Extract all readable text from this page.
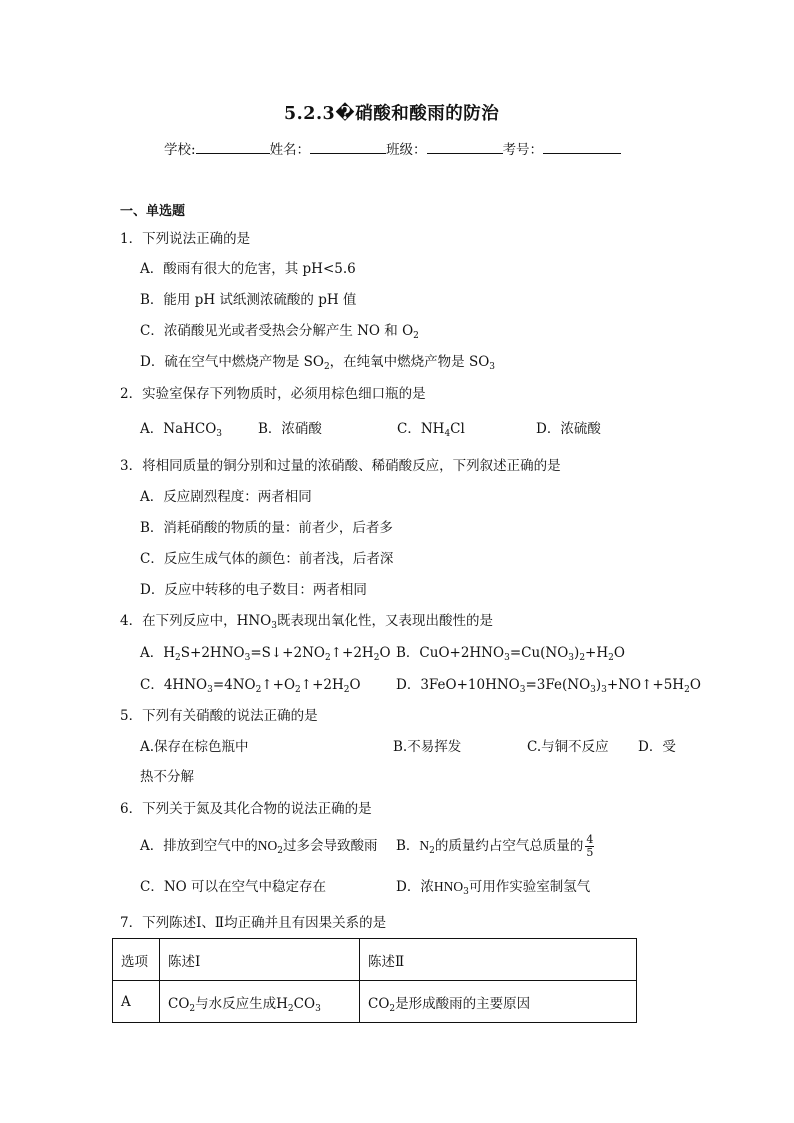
5.2.3�硝酸和酸雨的防治
学校:	姓名：	班级：	考号：
一、单选题
1．下列说法正确的是
A．酸雨有很大的危害，其 pH<5.6
B．能用 pH 试纸测浓硫酸的 pH 值
C．浓硝酸见光或者受热会分解产生 NO 和 $O_2$
D．硫在空气中燃烧产物是 $SO_2$，在纯氧中燃烧产物是 $SO_3$
2．实验室保存下列物质时，必须用棕色细口瓶的是
A．NaHCO$_3$	B．浓硝酸	C．$NH_4Cl$	D．浓硫酸
3．将相同质量的铜分别和过量的浓硝酸、稀硝酸反应，下列叙述正确的是
A．反应剧烈程度：两者相同
B．消耗硝酸的物质的量：前者少，后者多
C．反应生成气体的颜色：前者浅，后者深
D．反应中转移的电子数目：两者相同
4．在下列反应中，$HNO_3$既表现出氧化性，又表现出酸性的是
A．$H_2S+2HNO_3=S↓+2NO_2↑+2H_2O$ B．$CuO+2HNO_3=Cu(NO_3)_2+H_2O$
C．$4HNO_3=4NO_2↑+O_2↑+2H_2O$	D．$3FeO+10HNO_3=3Fe(NO_3)_3+NO↑+5H_2O$
5．下列有关硝酸的说法正确的是
A.保存在棕色瓶中	B.不易挥发	C.与铜不反应 D．受
热不分解
6．下列关于氮及其化合物的说法正确的是
A．排放到空气中的$NO_2$过多会导致酸雨 B．$N_2$的质量约占空气总质量的 $\frac{4}{5}$
C．NO 可以在空气中稳定存在	D．浓$HNO_3$可用作实验室制氢气
7．下列陈述Ⅰ、Ⅱ均正确并且有因果关系的是
选项	陈述Ⅰ	陈述Ⅱ
A	$CO_2$与水反应生成$H_2CO_3$	$CO_2$是形成酸雨的主要原因
